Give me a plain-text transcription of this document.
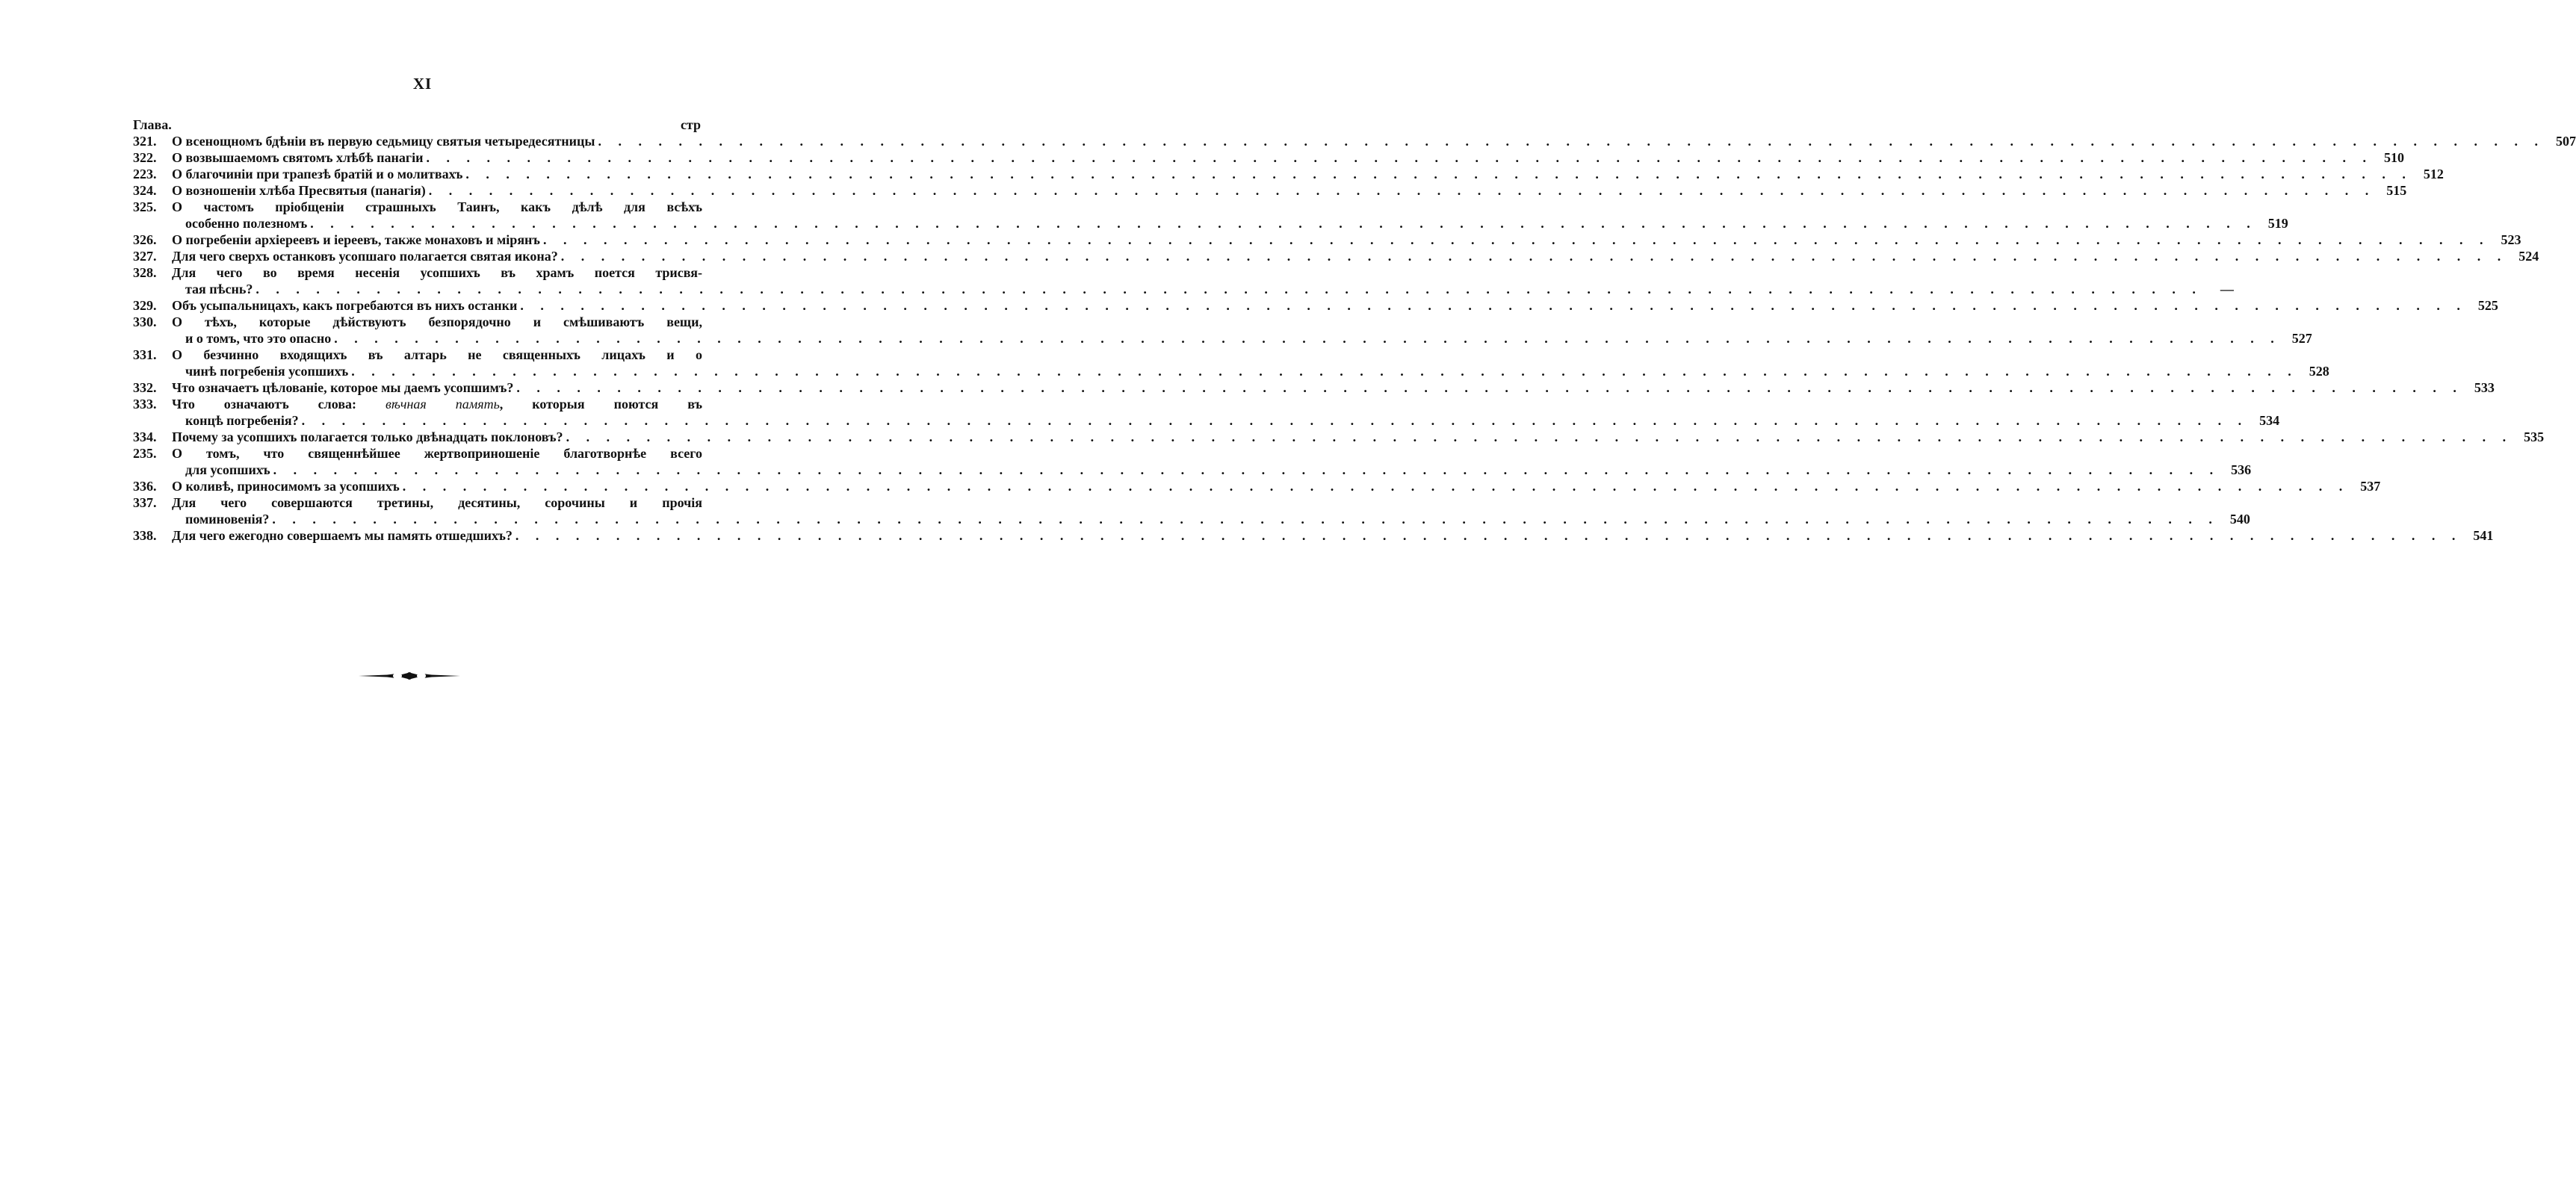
XI
Глава.	стр
321.	О всенощномъ бдѣніи въ первую седьмицу святыя четыредесятницы . . .	507
322.	О возвышаемомъ святомъ хлѣбѣ панагіи . . .	510
223.	О благочиніи при трапезѣ братій и о молитвахъ . . .	512
324.	О возношеніи хлѣба Пресвятыя (панагія) . . .	515
325.	О частомъ пріобщеніи страшныхъ Таинъ, какъ дѣлѣ для всѣхъ
особенно полезномъ . . .	519
326.	О погребеніи архіереевъ и іереевъ, также монаховъ и мірянъ . . .	523
327.	Для чего сверхъ останковъ усопшаго полагается святая икона? . . .	524
328.	Для чего во время несенія усопшихъ въ храмъ поется трисвя-
тая пѣснь? . . .	—
329.	Объ усыпальницахъ, какъ погребаются въ нихъ останки . . .	525
330.	О тѣхъ, которые дѣйствуютъ безпорядочно и смѣшиваютъ вещи,
и о томъ, что это опасно . . .	527
331.	О безчинно входящихъ въ алтарь не священныхъ лицахъ и о
чинѣ погребенія усопшихъ . . .	528
332.	Что означаетъ цѣлованіе, которое мы даемъ усопшимъ? . . .	533
333.	Что означаютъ слова: вѣчная память, которыя поются въ
концѣ погребенія? . . .	534
334.	Почему за усопшихъ полагается только двѣнадцать поклоновъ? . . .	535
235.	О томъ, что священнѣйшее жертвоприношеніе благотворнѣе всего
для усопшихъ . . .	536
336.	О коливѣ, приносимомъ за усопшихъ . . .	537
337.	Для чего совершаются третины, десятины, сорочины и прочія
поминовенія? . . .	540
338.	Для чего ежегодно совершаемъ мы память отшедшихъ? . . .	541
